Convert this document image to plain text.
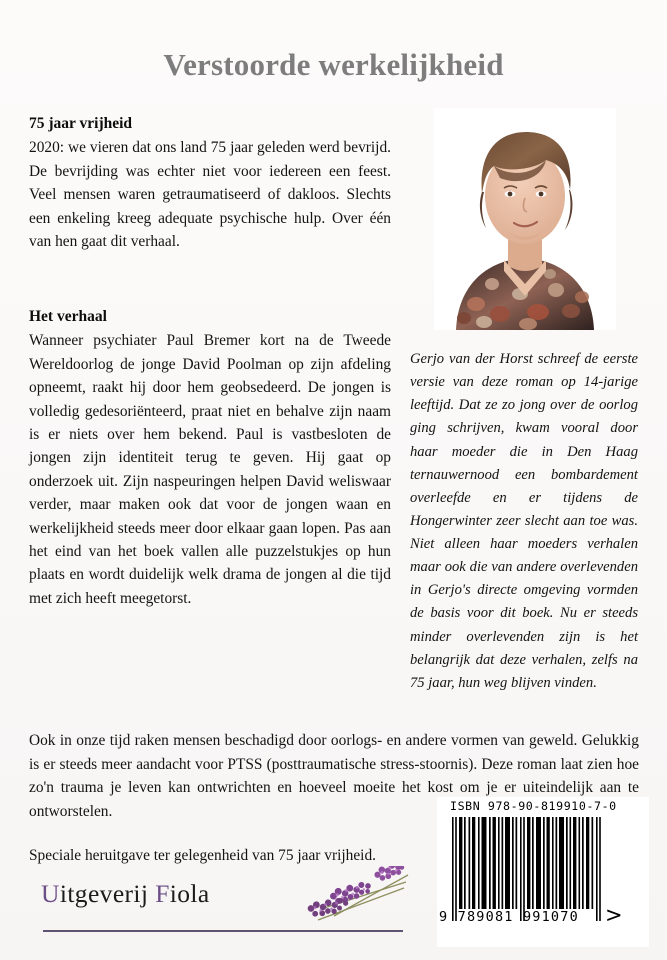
Verstoorde werkelijkheid
75 jaar vrijheid

2020: we vieren dat ons land 75 jaar geleden werd bevrijd. De bevrijding was echter niet voor iedereen een feest. Veel mensen waren getraumatiseerd of dakloos. Slechts een enkeling kreeg adequate psychische hulp. Over één van hen gaat dit verhaal.

Het verhaal

Wanneer psychiater Paul Bremer kort na de Tweede Wereldoorlog de jonge David Poolman op zijn afdeling opneemt, raakt hij door hem geobsedeerd. De jongen is volledig gedesoriënteerd, praat niet en behalve zijn naam is er niets over hem bekend. Paul is vastbesloten de jongen zijn identiteit terug te geven. Hij gaat op onderzoek uit. Zijn naspeuringen helpen David weliswaar verder, maar maken ook dat voor de jongen waan en werkelijkheid steeds meer door elkaar gaan lopen. Pas aan het eind van het boek vallen alle puzzelstukjes op hun plaats en wordt duidelijk welk drama de jongen al die tijd met zich heeft meegetorst.

Gerjo van der Horst schreef de eerste versie van deze roman op 14-jarige leeftijd. Dat ze zo jong over de oorlog ging schrijven, kwam vooral door haar moeder die in Den Haag ternauwernood een bombardement overleefde en er tijdens de Hongerwinter zeer slecht aan toe was. Niet alleen haar moeders verhalen maar ook die van andere overlevenden in Gerjo's directe omgeving vormden de basis voor dit boek. Nu er steeds minder overlevenden zijn is het belangrijk dat deze verhalen, zelfs na 75 jaar, hun weg blijven vinden.

Ook in onze tijd raken mensen beschadigd door oorlogs- en andere vormen van geweld. Gelukkig is er steeds meer aandacht voor PTSS (posttraumatische stress-stoornis). Deze roman laat zien hoe zo'n trauma je leven kan ontwrichten en hoeveel moeite het kost om je er uiteindelijk aan te ontworstelen.

Speciale heruitgave ter gelegenheid van 75 jaar vrijheid.

Uitgeverij Fiola
ISBN 978-90-819910-7-0
9 789081 991070	>
